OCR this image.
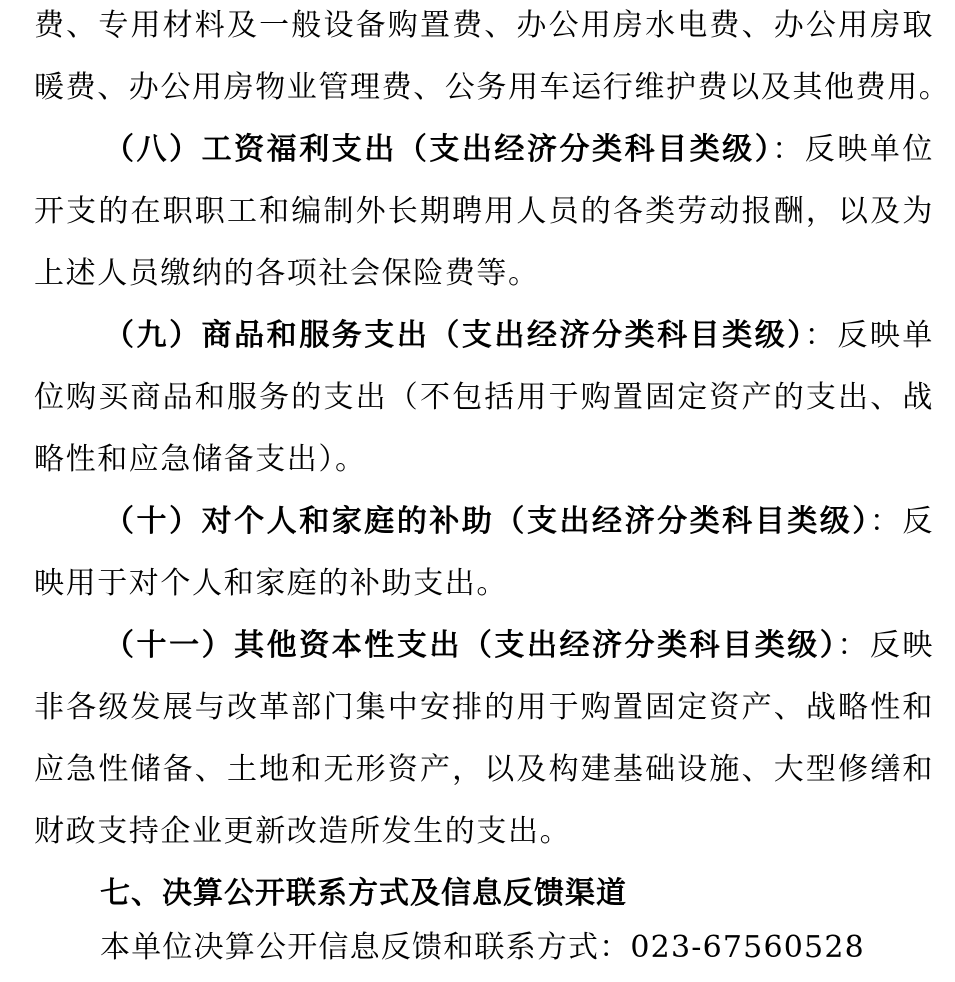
费、专用材料及一般设备购置费、办公用房水电费、办公用房取
暖费、办公用房物业管理费、公务用车运行维护费以及其他费用。
（八）工资福利支出（支出经济分类科目类级）：反映单位
开支的在职职工和编制外长期聘用人员的各类劳动报酬，以及为
上述人员缴纳的各项社会保险费等。
（九）商品和服务支出（支出经济分类科目类级）：反映单
位购买商品和服务的支出（不包括用于购置固定资产的支出、战
略性和应急储备支出）。
（十）对个人和家庭的补助（支出经济分类科目类级）：反
映用于对个人和家庭的补助支出。
（十一）其他资本性支出（支出经济分类科目类级）：反映
非各级发展与改革部门集中安排的用于购置固定资产、战略性和
应急性储备、土地和无形资产，以及构建基础设施、大型修缮和
财政支持企业更新改造所发生的支出。
七、决算公开联系方式及信息反馈渠道
本单位决算公开信息反馈和联系方式：023-67560528
